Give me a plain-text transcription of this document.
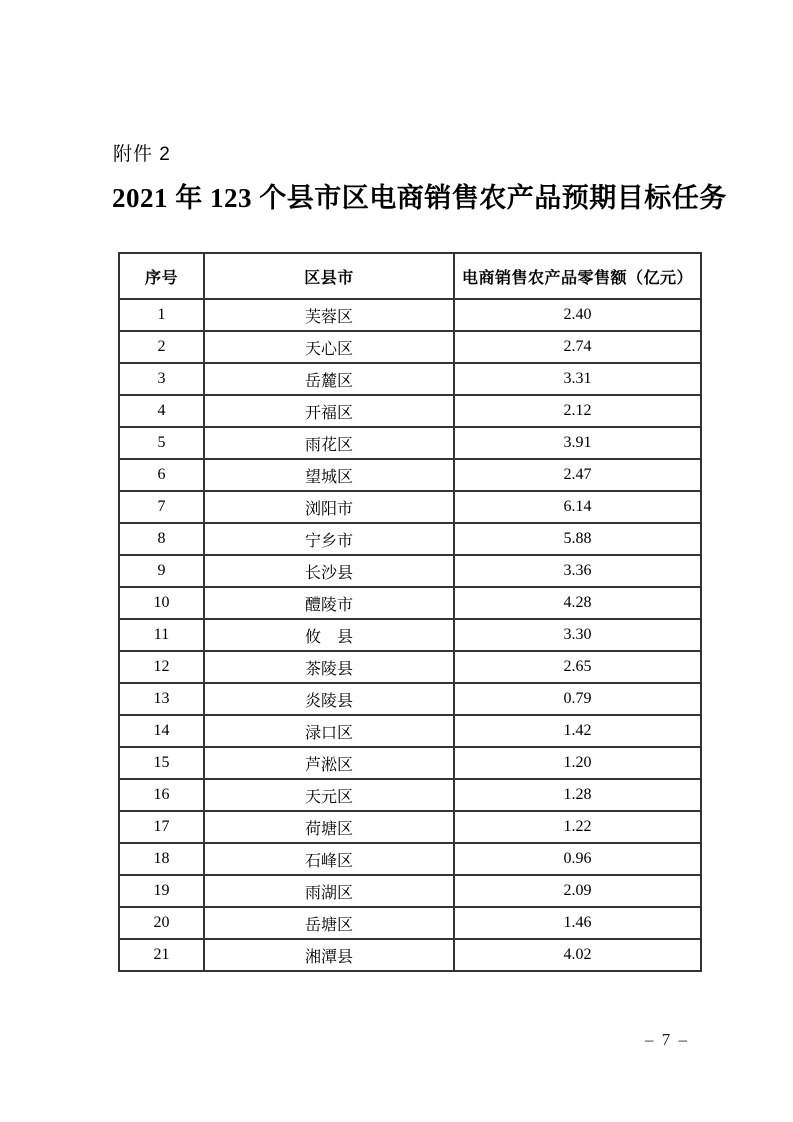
附件 2
2021 年 123 个县市区电商销售农产品预期目标任务
序号	区县市	电商销售农产品零售额（亿元）
1	芙蓉区	2.40
2	天心区	2.74
3	岳麓区	3.31
4	开福区	2.12
5	雨花区	3.91
6	望城区	2.47
7	浏阳市	6.14
8	宁乡市	5.88
9	长沙县	3.36
10	醴陵市	4.28
11	攸　县	3.30
12	茶陵县	2.65
13	炎陵县	0.79
14	渌口区	1.42
15	芦淞区	1.20
16	天元区	1.28
17	荷塘区	1.22
18	石峰区	0.96
19	雨湖区	2.09
20	岳塘区	1.46
21	湘潭县	4.02
– 7 –
